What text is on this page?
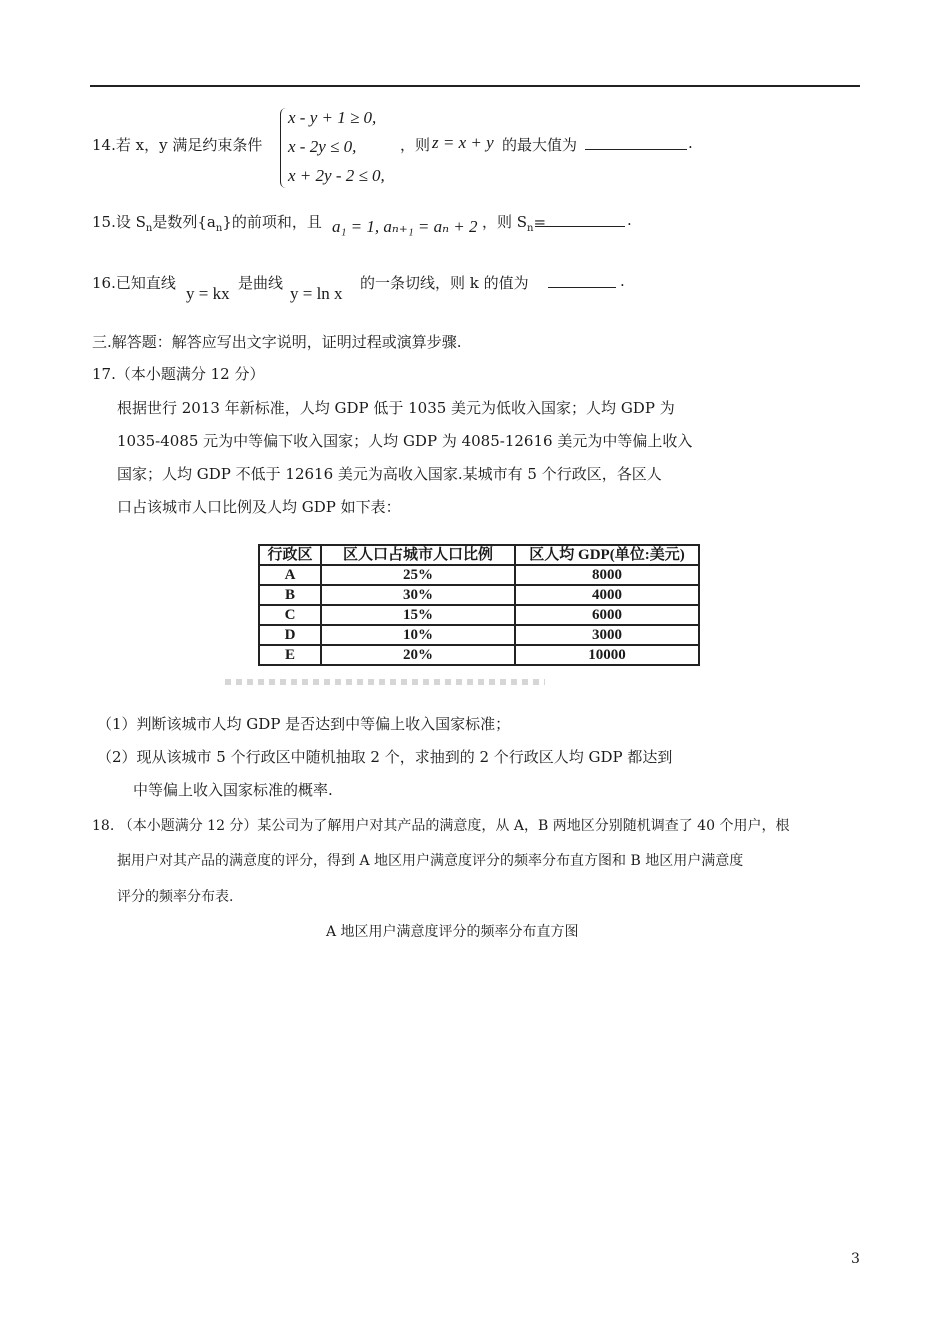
14.若 x，y 满足约束条件
x - y + 1 ≥ 0,
x - 2y ≤ 0,
x + 2y - 2 ≤ 0,
，则 z = x + y 的最大值为	.
15.设 $S_n$是数列$\{a_n\}$的前项和，且 a₁ = 1, aₙ₊₁ = aₙ + 2 ，则 $S_n=$	.
16.已知直线
y = kx
是曲线
y = ln x
的一条切线，则 k 的值为	.
三.解答题：解答应写出文字说明，证明过程或演算步骤.
17.（本小题满分 12 分）
根据世行 2013 年新标准，人均 GDP 低于 1035 美元为低收入国家；人均 GDP 为
1035-4085 元为中等偏下收入国家；人均 GDP 为 4085-12616 美元为中等偏上收入
国家；人均 GDP 不低于 12616 美元为高收入国家.某城市有 5 个行政区，各区人
口占该城市人口比例及人均 GDP 如下表：
行政区	区人口占城市人口比例	区人均 GDP(单位:美元)
A	25%	8000
B	30%	4000
C	15%	6000
D	10%	3000
E	20%	10000
（1）判断该城市人均 GDP 是否达到中等偏上收入国家标准；
（2）现从该城市 5 个行政区中随机抽取 2 个，求抽到的 2 个行政区人均 GDP 都达到
中等偏上收入国家标准的概率.
18. （本小题满分 12 分）某公司为了解用户对其产品的满意度，从 A，B 两地区分别随机调查了 40 个用户，根
据用户对其产品的满意度的评分，得到 A 地区用户满意度评分的频率分布直方图和 B 地区用户满意度
评分的频率分布表.
A 地区用户满意度评分的频率分布直方图
3
